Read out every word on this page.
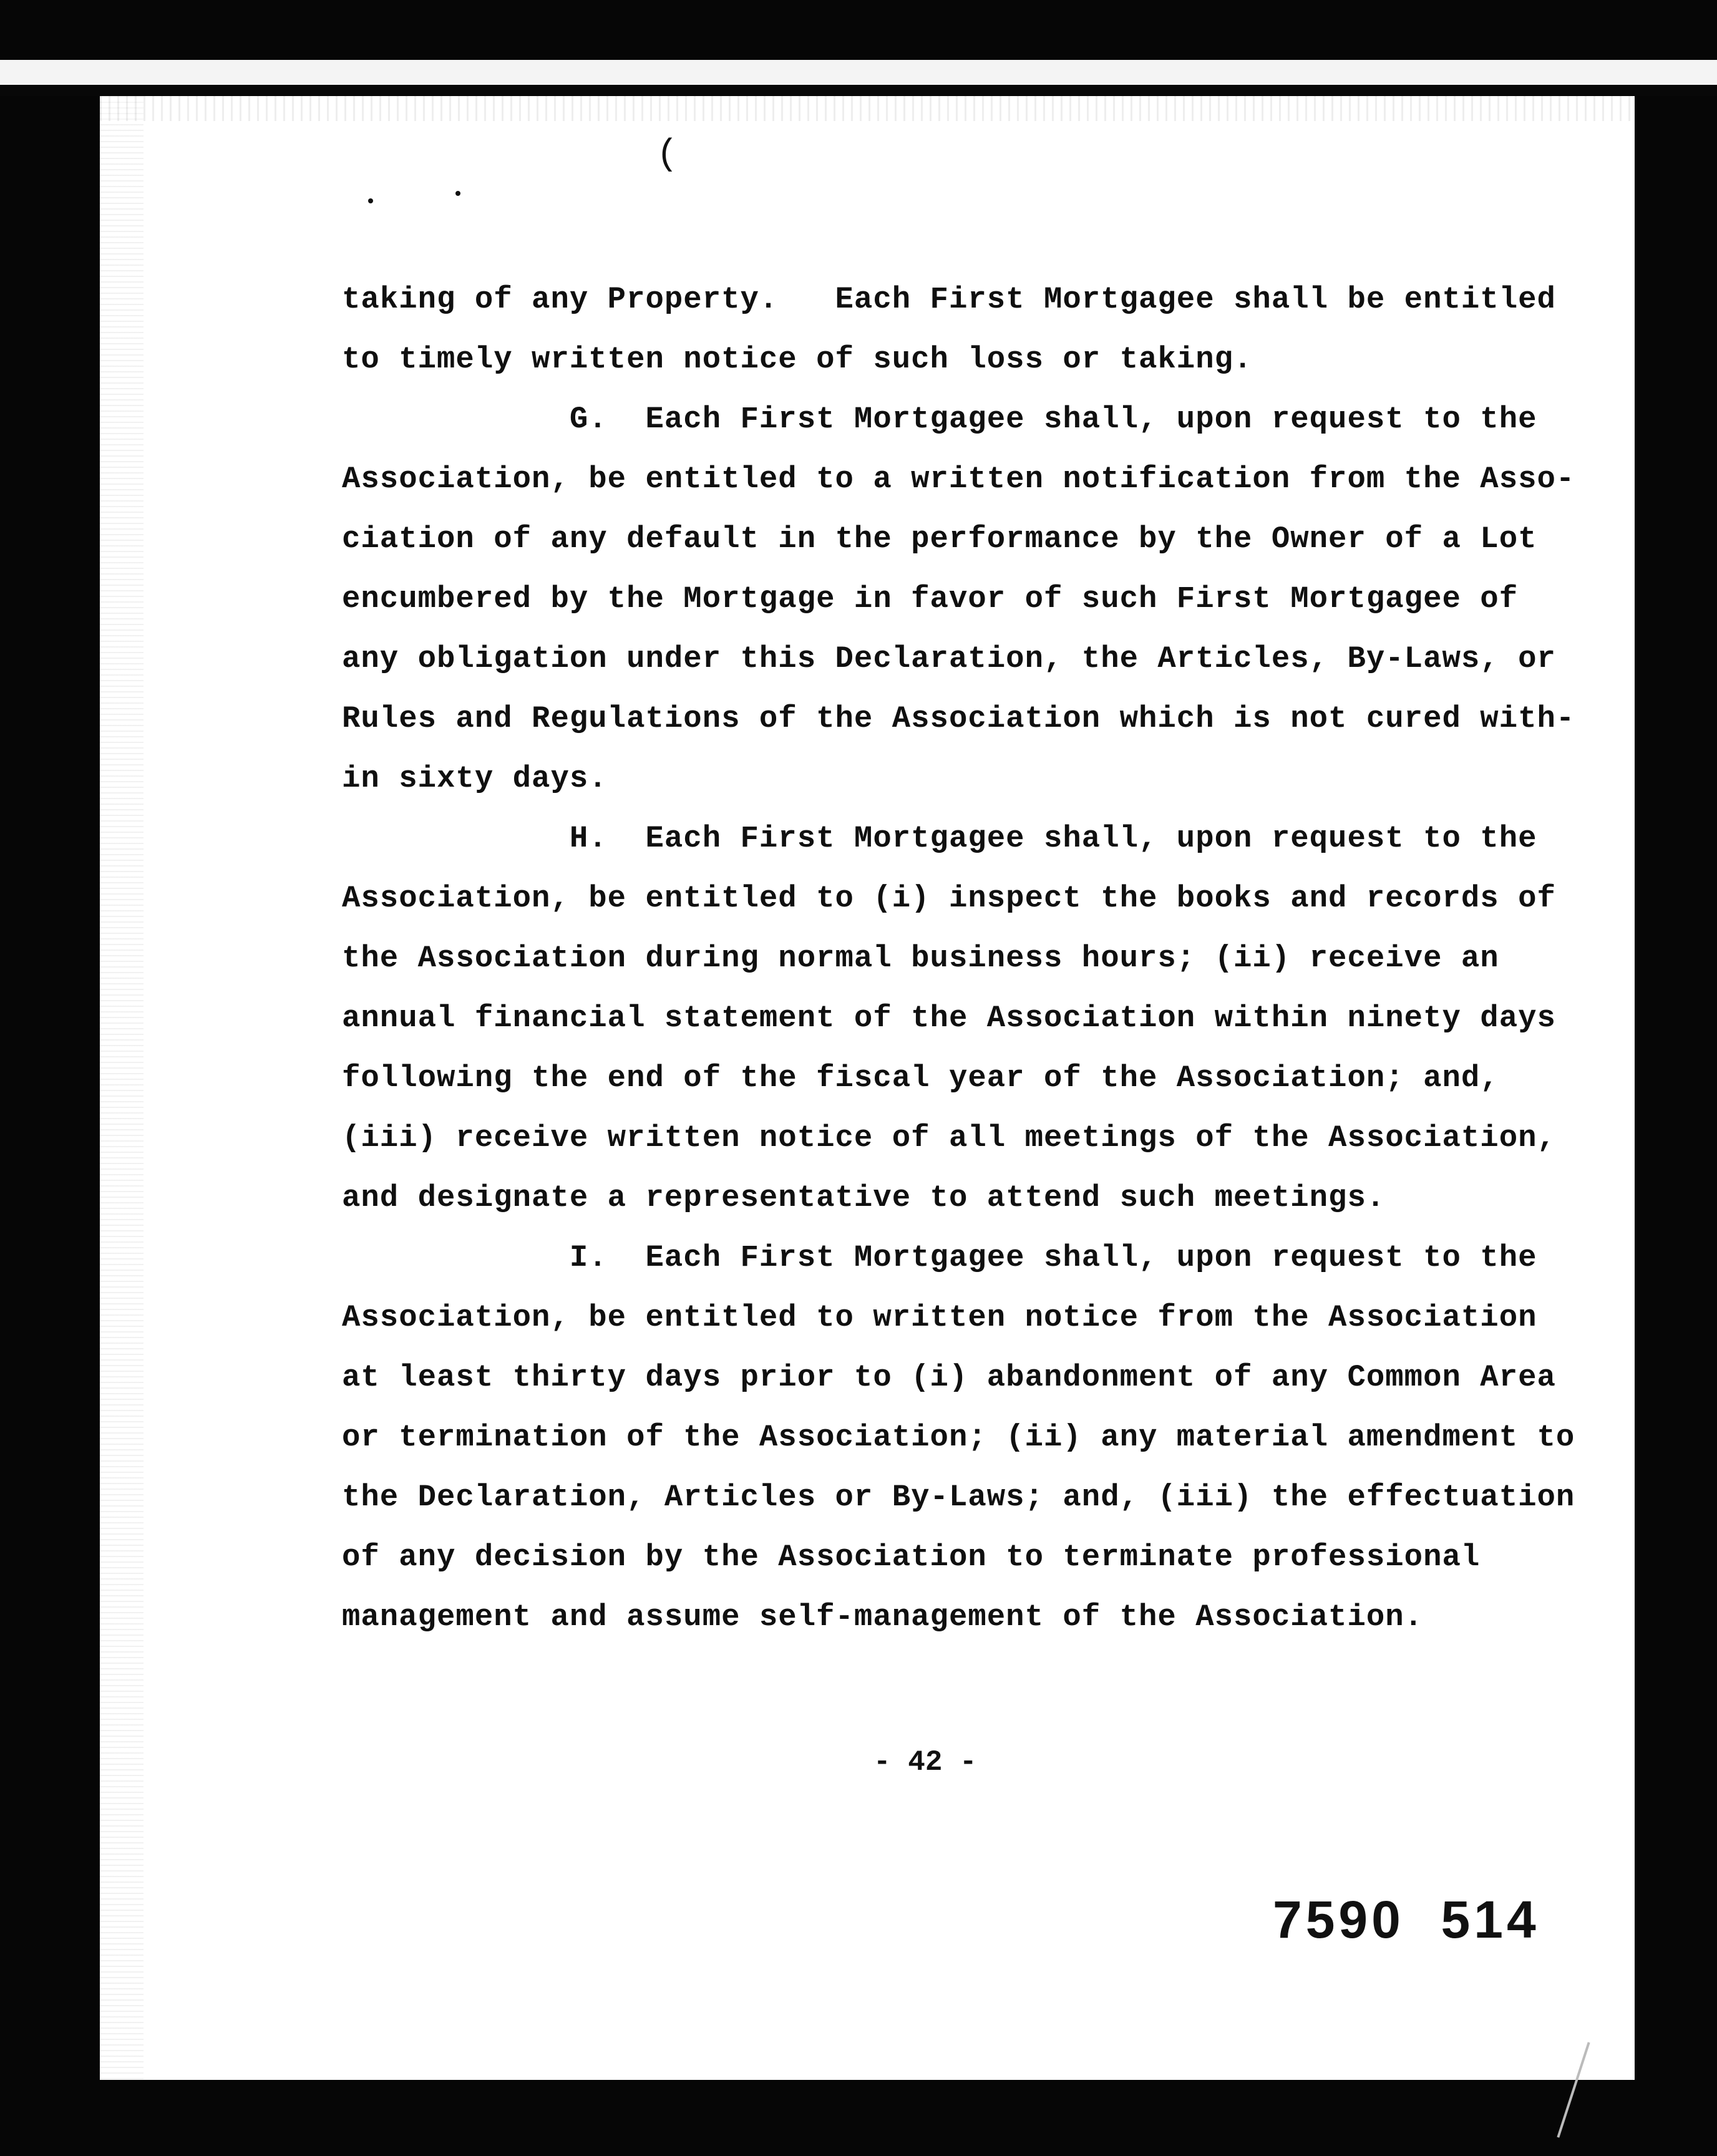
(
taking of any Property.   Each First Mortgagee shall be entitled
to timely written notice of such loss or taking.
G.  Each First Mortgagee shall, upon request to the
Association, be entitled to a written notification from the Asso-
ciation of any default in the performance by the Owner of a Lot
encumbered by the Mortgage in favor of such First Mortgagee of
any obligation under this Declaration, the Articles, By-Laws, or
Rules and Regulations of the Association which is not cured with-
in sixty days.
H.  Each First Mortgagee shall, upon request to the
Association, be entitled to (i) inspect the books and records of
the Association during normal business hours; (ii) receive an
annual financial statement of the Association within ninety days
following the end of the fiscal year of the Association; and,
(iii) receive written notice of all meetings of the Association,
and designate a representative to attend such meetings.
I.  Each First Mortgagee shall, upon request to the
Association, be entitled to written notice from the Association
at least thirty days prior to (i) abandonment of any Common Area
or termination of the Association; (ii) any material amendment to
the Declaration, Articles or By-Laws; and, (iii) the effectuation
of any decision by the Association to terminate professional
management and assume self-management of the Association.
- 42 -
7590  514
